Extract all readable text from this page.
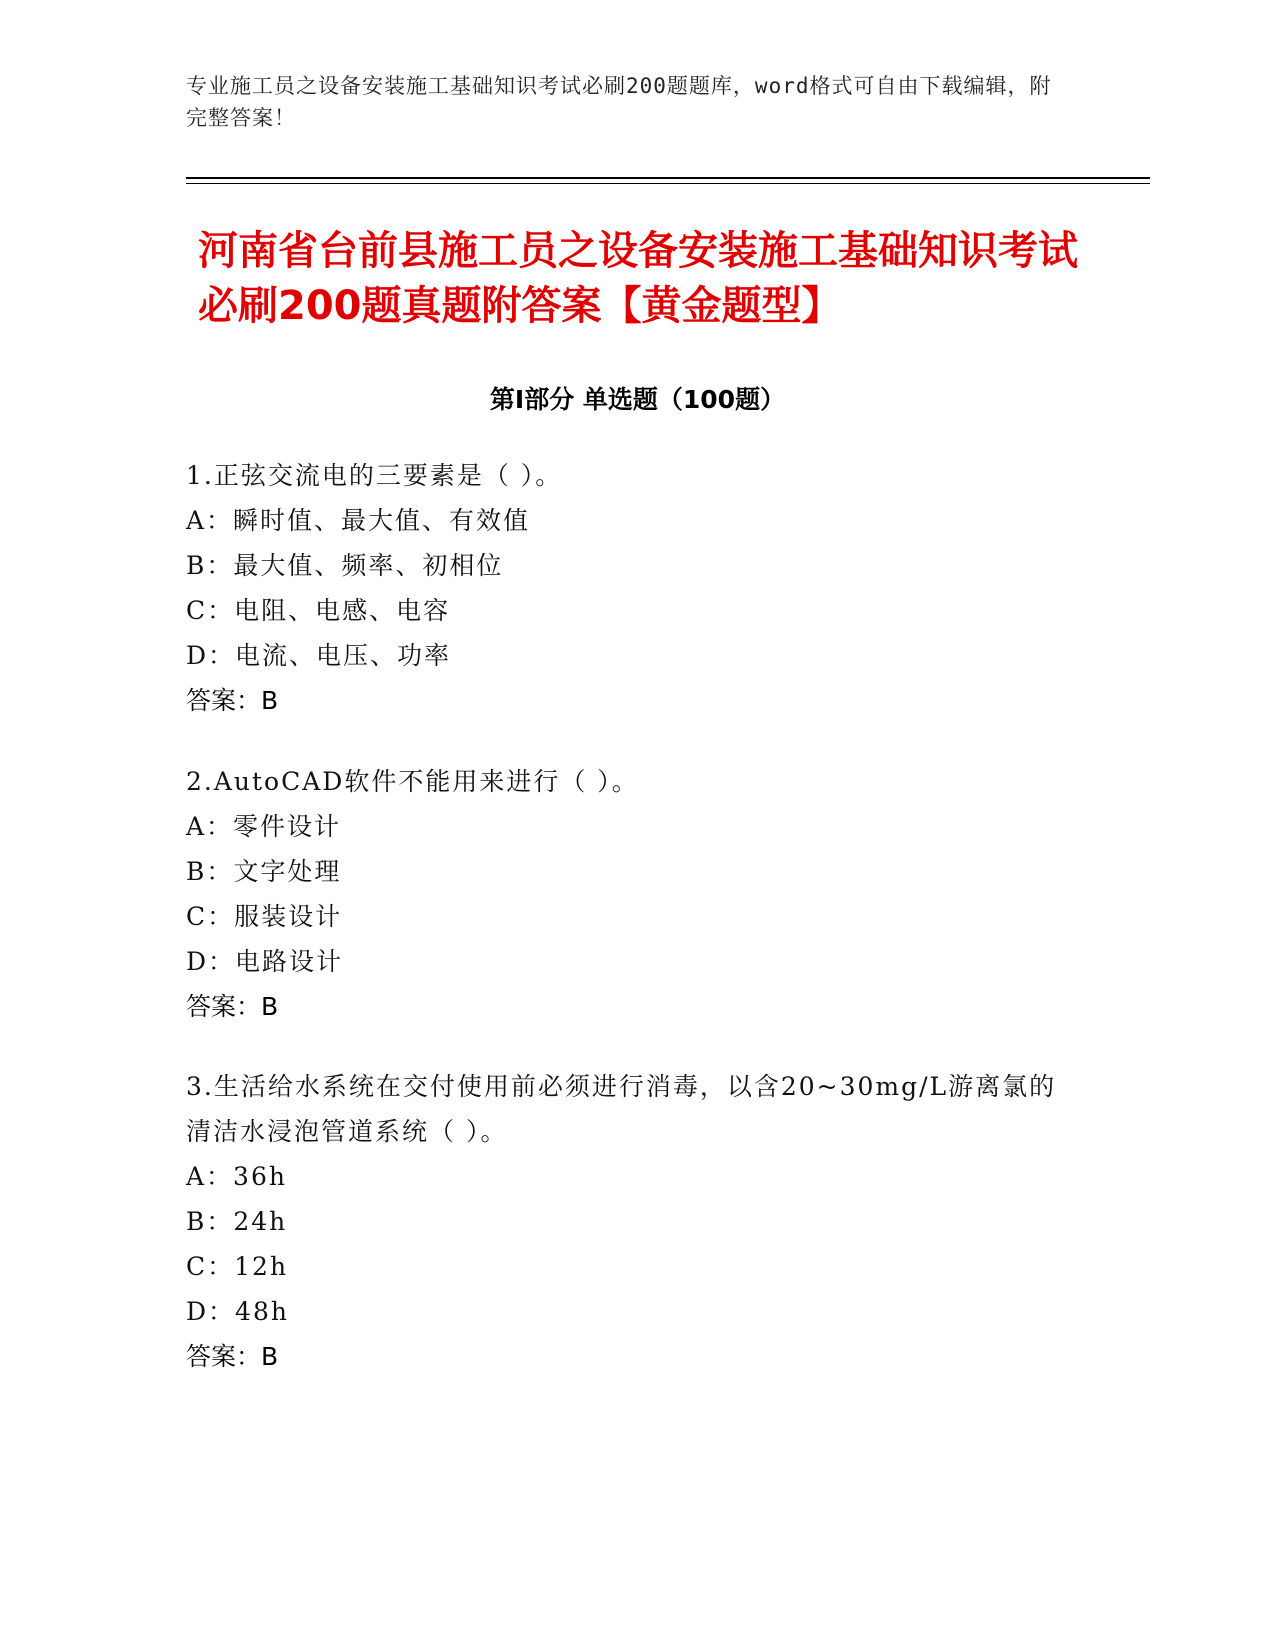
专业施工员之设备安装施工基础知识考试必刷200题题库，word格式可自由下载编辑，附完整答案！
河南省台前县施工员之设备安装施工基础知识考试必刷200题真题附答案【黄金题型】
第Ⅰ部分 单选题（100题）
1.正弦交流电的三要素是（ ）。
A：瞬时值、最大值、有效值
B：最大值、频率、初相位
C：电阻、电感、电容
D：电流、电压、功率
答案：B
2.AutoCAD软件不能用来进行（ ）。
A：零件设计
B：文字处理
C：服装设计
D：电路设计
答案：B
3.生活给水系统在交付使用前必须进行消毒，以含20~30mg/L游离氯的清洁水浸泡管道系统（ ）。
A：36h
B：24h
C：12h
D：48h
答案：B
